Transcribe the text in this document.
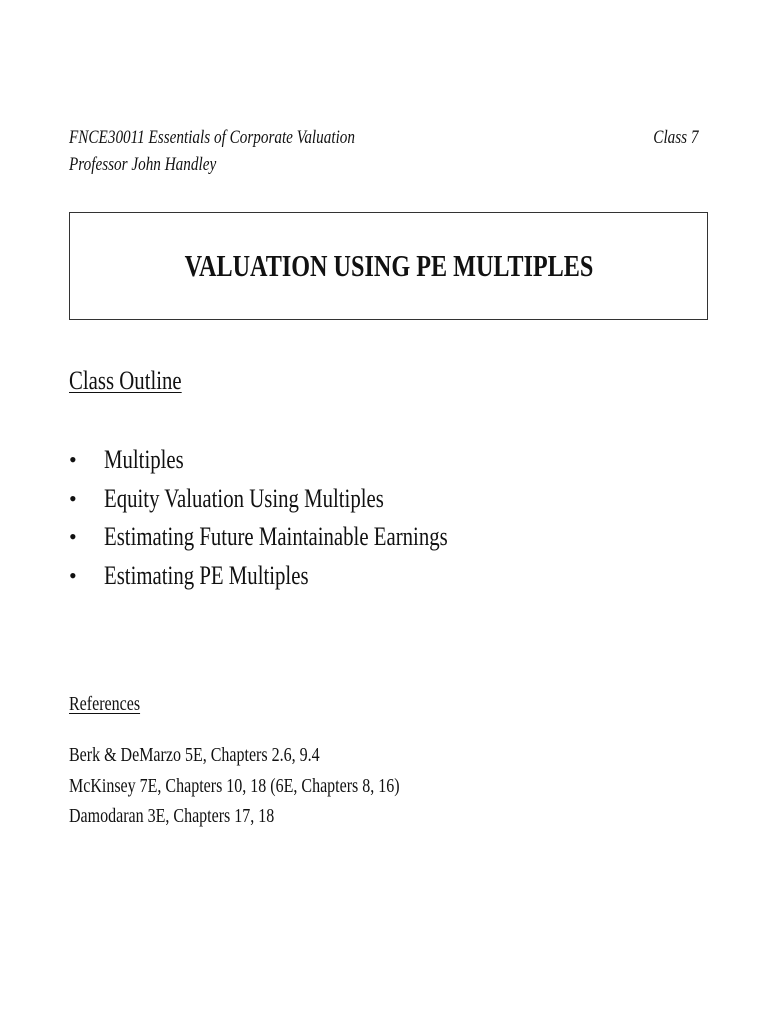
FNCE30011 Essentials of Corporate Valuation
Professor John Handley
Class 7
VALUATION USING PE MULTIPLES
Class Outline
• Multiples
• Equity Valuation Using Multiples
• Estimating Future Maintainable Earnings
• Estimating PE Multiples
References
Berk & DeMarzo 5E, Chapters 2.6, 9.4
McKinsey 7E, Chapters 10, 18 (6E, Chapters 8, 16)
Damodaran 3E, Chapters 17, 18
